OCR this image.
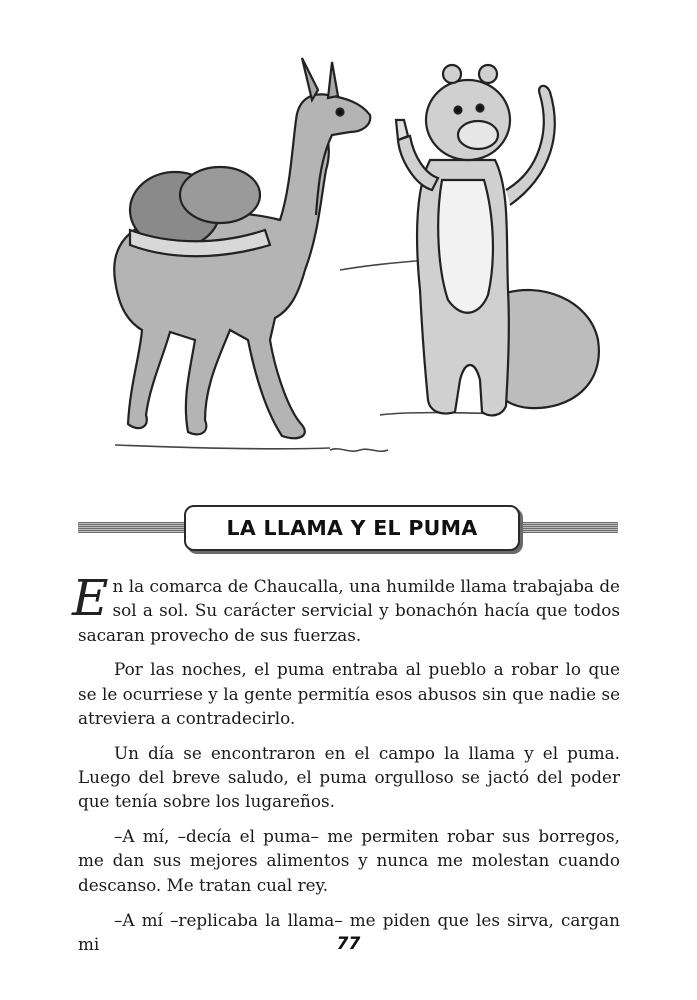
LA LLAMA Y EL PUMA

En la comarca de Chaucalla, una humilde llama trabajaba de sol a sol. Su carácter servicial y bonachón hacía que todos sacaran provecho de sus fuerzas.

Por las noches, el puma entraba al pueblo a robar lo que se le ocurriese y la gente permitía esos abusos sin que nadie se atreviera a contradecirlo.

Un día se encontraron en el campo la llama y el puma. Luego del breve saludo, el puma orgulloso se jactó del poder que tenía sobre los lugareños.

–A mí, –decía el puma– me permiten robar sus borregos, me dan sus mejores alimentos y nunca me molestan cuando descanso. Me tratan cual rey.

–A mí –replicaba la llama– me piden que les sirva, cargan mi	77
